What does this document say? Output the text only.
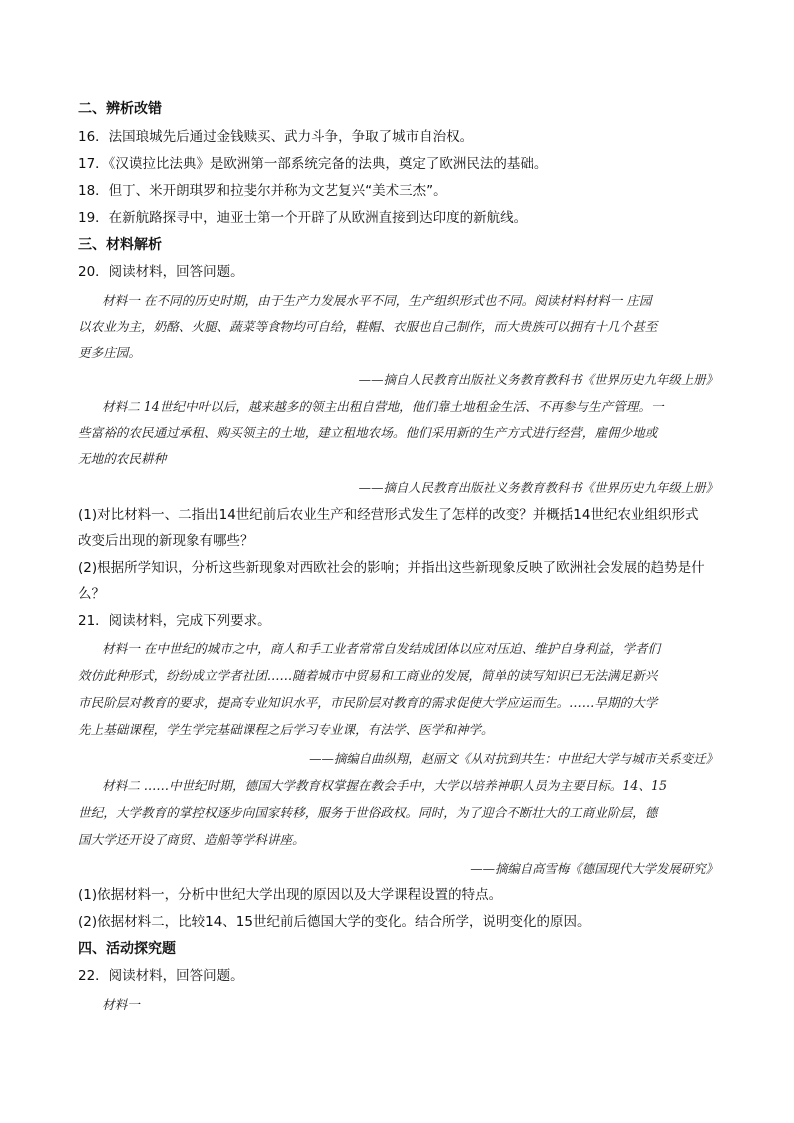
二、辨析改错
16．法国琅城先后通过金钱赎买、武力斗争，争取了城市自治权。
17．《汉谟拉比法典》是欧洲第一部系统完备的法典，奠定了欧洲民法的基础。
18．但丁、米开朗琪罗和拉斐尔并称为文艺复兴“美术三杰”。
19．在新航路探寻中，迪亚士第一个开辟了从欧洲直接到达印度的新航线。
三、材料解析
20．阅读材料，回答问题。
材料一 在不同的历史时期，由于生产力发展水平不同，生产组织形式也不同。阅读材料材料一 庄园
以农业为主，奶酪、火腿、蔬菜等食物均可自给，鞋帽、衣服也自己制作，而大贵族可以拥有十几个甚至
更多庄园。
——摘自人民教育出版社义务教育教科书《世界历史九年级上册》
材料二 14世纪中叶以后，越来越多的领主出租自营地，他们靠土地租金生活、不再参与生产管理。一
些富裕的农民通过承租、购买领主的土地，建立租地农场。他们采用新的生产方式进行经营，雇佣少地或
无地的农民耕种
——摘自人民教育出版社义务教育教科书《世界历史九年级上册》
(1)对比材料一、二指出14世纪前后农业生产和经营形式发生了怎样的改变？并概括14世纪农业组织形式
改变后出现的新现象有哪些？
(2)根据所学知识，分析这些新现象对西欧社会的影响；并指出这些新现象反映了欧洲社会发展的趋势是什
么？
21．阅读材料，完成下列要求。
材料一 在中世纪的城市之中，商人和手工业者常常自发结成团体以应对压迫、维护自身利益，学者们
效仿此种形式，纷纷成立学者社团……随着城市中贸易和工商业的发展，简单的读写知识已无法满足新兴
市民阶层对教育的要求，提高专业知识水平，市民阶层对教育的需求促使大学应运而生。……早期的大学
先上基础课程，学生学完基础课程之后学习专业课，有法学、医学和神学。
——摘编自曲纵翔，赵丽文《从对抗到共生：中世纪大学与城市关系变迁》
材料二 ……中世纪时期，德国大学教育权掌握在教会手中，大学以培养神职人员为主要目标。14、15
世纪，大学教育的掌控权逐步向国家转移，服务于世俗政权。同时，为了迎合不断壮大的工商业阶层，德
国大学还开设了商贸、造船等学科讲座。
——摘编自高雪梅《德国现代大学发展研究》
(1)依据材料一，分析中世纪大学出现的原因以及大学课程设置的特点。
(2)依据材料二，比较14、15世纪前后德国大学的变化。结合所学，说明变化的原因。
四、活动探究题
22．阅读材料，回答问题。
材料一
